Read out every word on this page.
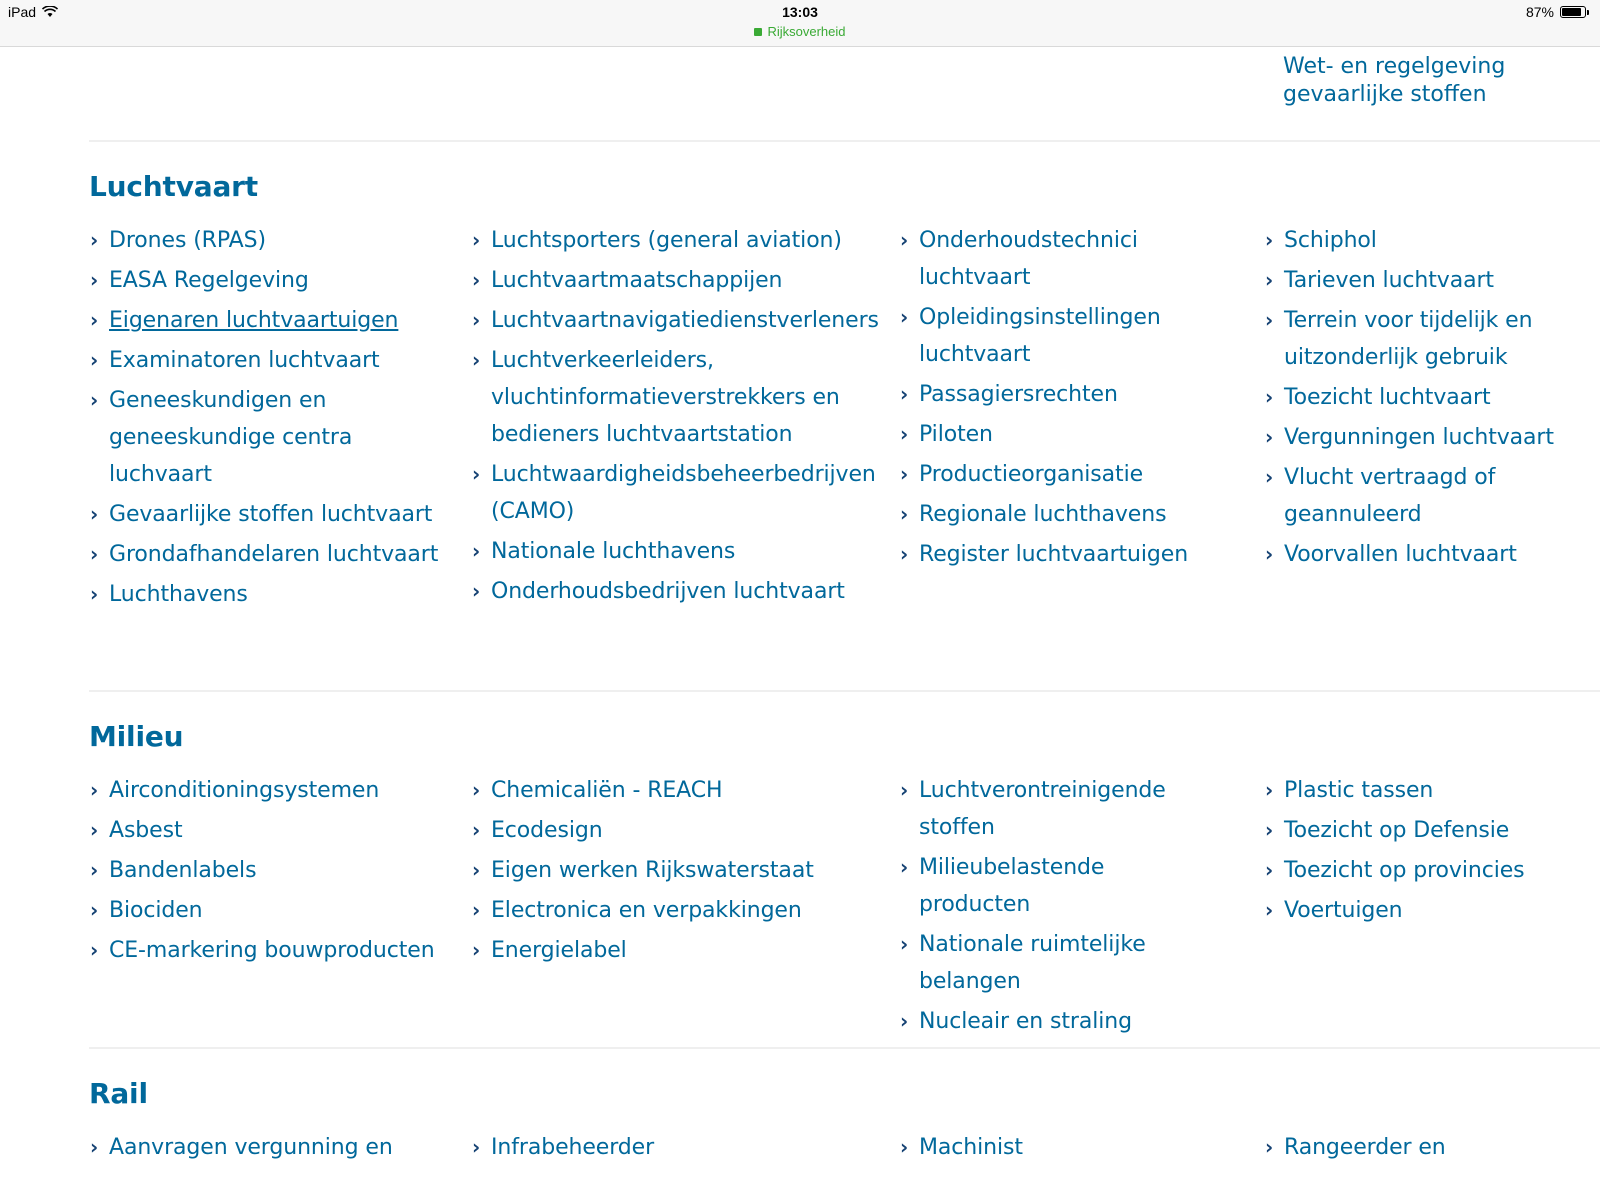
iPad	13:03
Rijksoverheid
87%
Wet- en regelgeving
gevaarlijke stoffen
Luchtvaart
› Drones (RPAS)
› EASA Regelgeving
› Eigenaren luchtvaartuigen
› Examinatoren luchtvaart
› Geneeskundigen en geneeskundige centra luchvaart
› Gevaarlijke stoffen luchtvaart
› Grondafhandelaren luchtvaart
› Luchthavens
› Luchtsporters (general aviation)
› Luchtvaartmaatschappijen
› Luchtvaartnavigatiedienstverleners
› Luchtverkeerleiders, vluchtinformatieverstrekkers en bedieners luchtvaartstation
› Luchtwaardigheidsbeheerbedrijven (CAMO)
› Nationale luchthavens
› Onderhoudsbedrijven luchtvaart
› Onderhoudstechnici luchtvaart
› Opleidingsinstellingen luchtvaart
› Passagiersrechten
› Piloten
› Productieorganisatie
› Regionale luchthavens
› Register luchtvaartuigen
› Schiphol
› Tarieven luchtvaart
› Terrein voor tijdelijk en uitzonderlijk gebruik
› Toezicht luchtvaart
› Vergunningen luchtvaart
› Vlucht vertraagd of geannuleerd
› Voorvallen luchtvaart
Milieu
› Airconditioningsystemen
› Asbest
› Bandenlabels
› Biociden
› CE-markering bouwproducten
› Chemicaliën - REACH
› Ecodesign
› Eigen werken Rijkswaterstaat
› Electronica en verpakkingen
› Energielabel
› Luchtverontreinigende stoffen
› Milieubelastende producten
› Nationale ruimtelijke belangen
› Nucleair en straling
› Plastic tassen
› Toezicht op Defensie
› Toezicht op provincies
› Voertuigen
Rail
› Aanvragen vergunning en	› Infrabeheerder	› Machinist	› Rangeerder en
